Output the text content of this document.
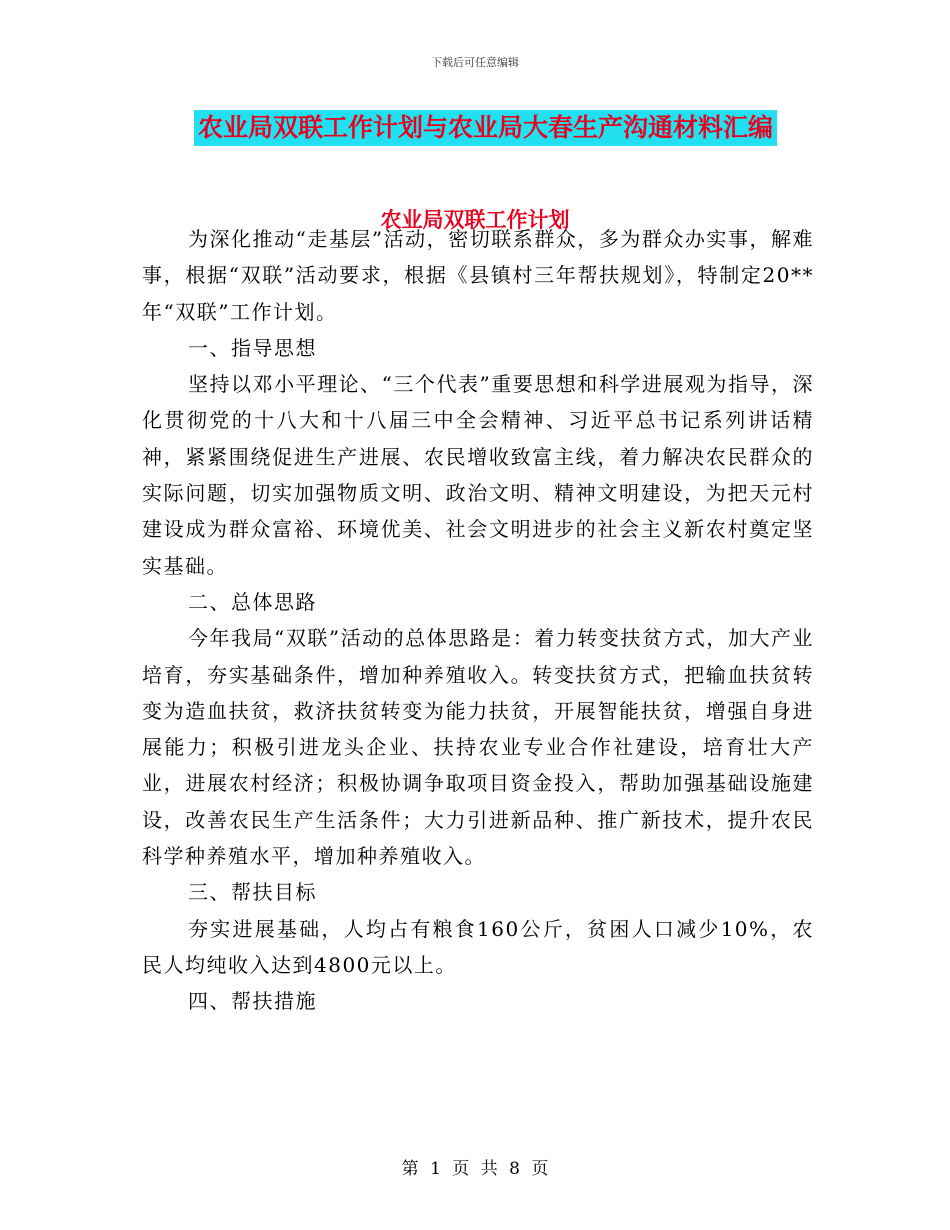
下载后可任意编辑
农业局双联工作计划与农业局大春生产沟通材料汇编
农业局双联工作计划

为深化推动“走基层”活动，密切联系群众，多为群众办实事，解难事，根据“双联”活动要求，根据《县镇村三年帮扶规划》，特制定20**年“双联”工作计划。

一、指导思想

坚持以邓小平理论、“三个代表”重要思想和科学进展观为指导，深化贯彻党的十八大和十八届三中全会精神、习近平总书记系列讲话精神，紧紧围绕促进生产进展、农民增收致富主线，着力解决农民群众的实际问题，切实加强物质文明、政治文明、精神文明建设，为把天元村建设成为群众富裕、环境优美、社会文明进步的社会主义新农村奠定坚实基础。

二、总体思路

今年我局“双联”活动的总体思路是：着力转变扶贫方式，加大产业培育，夯实基础条件，增加种养殖收入。转变扶贫方式，把输血扶贫转变为造血扶贫，救济扶贫转变为能力扶贫，开展智能扶贫，增强自身进展能力；积极引进龙头企业、扶持农业专业合作社建设，培育壮大产业，进展农村经济；积极协调争取项目资金投入，帮助加强基础设施建设，改善农民生产生活条件；大力引进新品种、推广新技术，提升农民科学种养殖水平，增加种养殖收入。

三、帮扶目标

夯实进展基础，人均占有粮食160公斤，贫困人口减少10%，农民人均纯收入达到4800元以上。

四、帮扶措施

第 1 页 共 8 页
